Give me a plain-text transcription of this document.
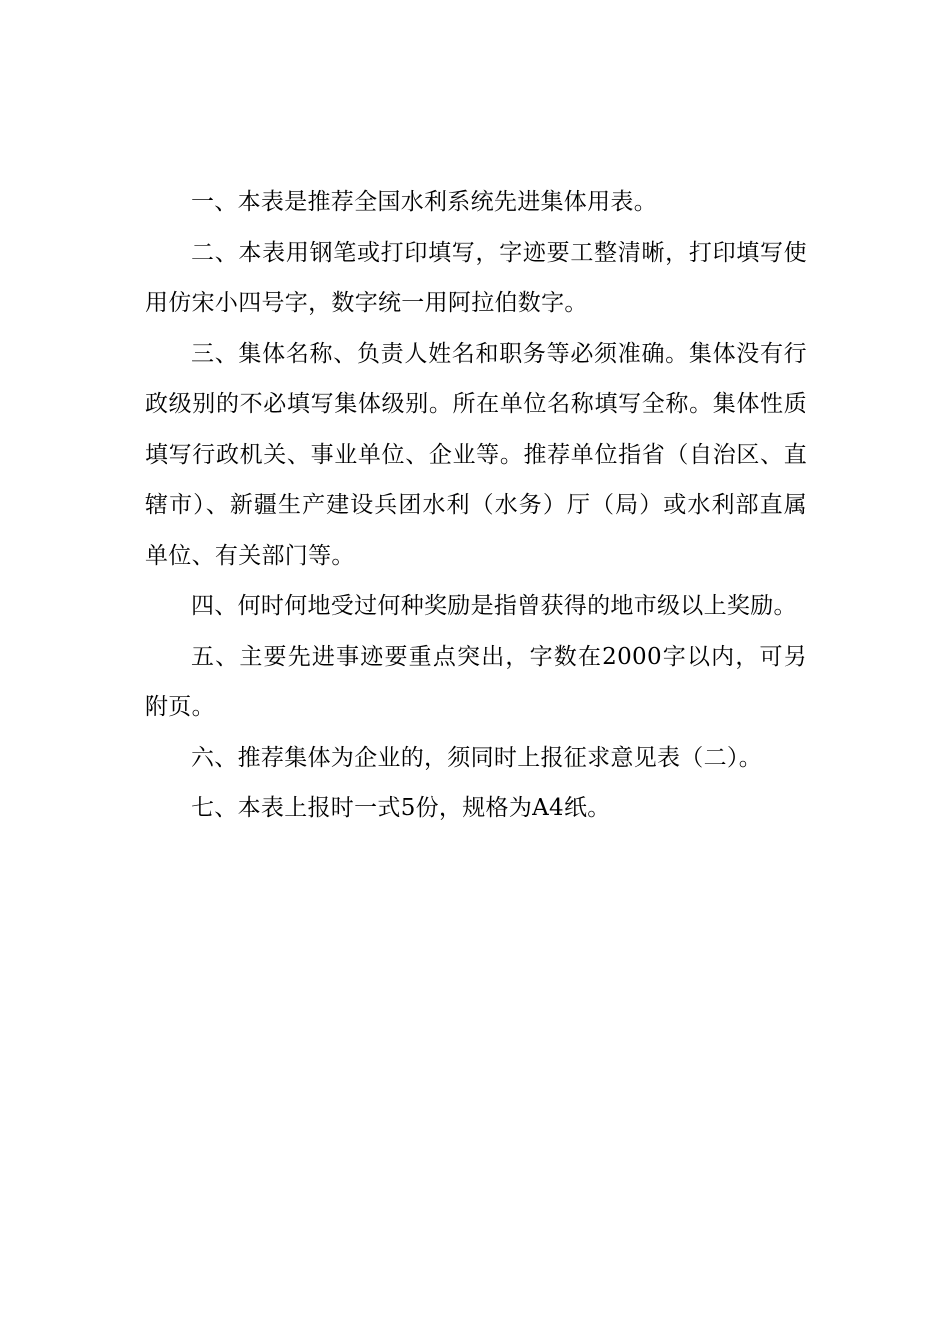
一、本表是推荐全国水利系统先进集体用表。

二、本表用钢笔或打印填写，字迹要工整清晰，打印填写使用仿宋小四号字，数字统一用阿拉伯数字。

三、集体名称、负责人姓名和职务等必须准确。集体没有行政级别的不必填写集体级别。所在单位名称填写全称。集体性质填写行政机关、事业单位、企业等。推荐单位指省（自治区、直辖市）、新疆生产建设兵团水利（水务）厅（局）或水利部直属单位、有关部门等。

四、何时何地受过何种奖励是指曾获得的地市级以上奖励。

五、主要先进事迹要重点突出，字数在2000字以内，可另附页。

六、推荐集体为企业的，须同时上报征求意见表（二）。

七、本表上报时一式5份，规格为A4纸。
